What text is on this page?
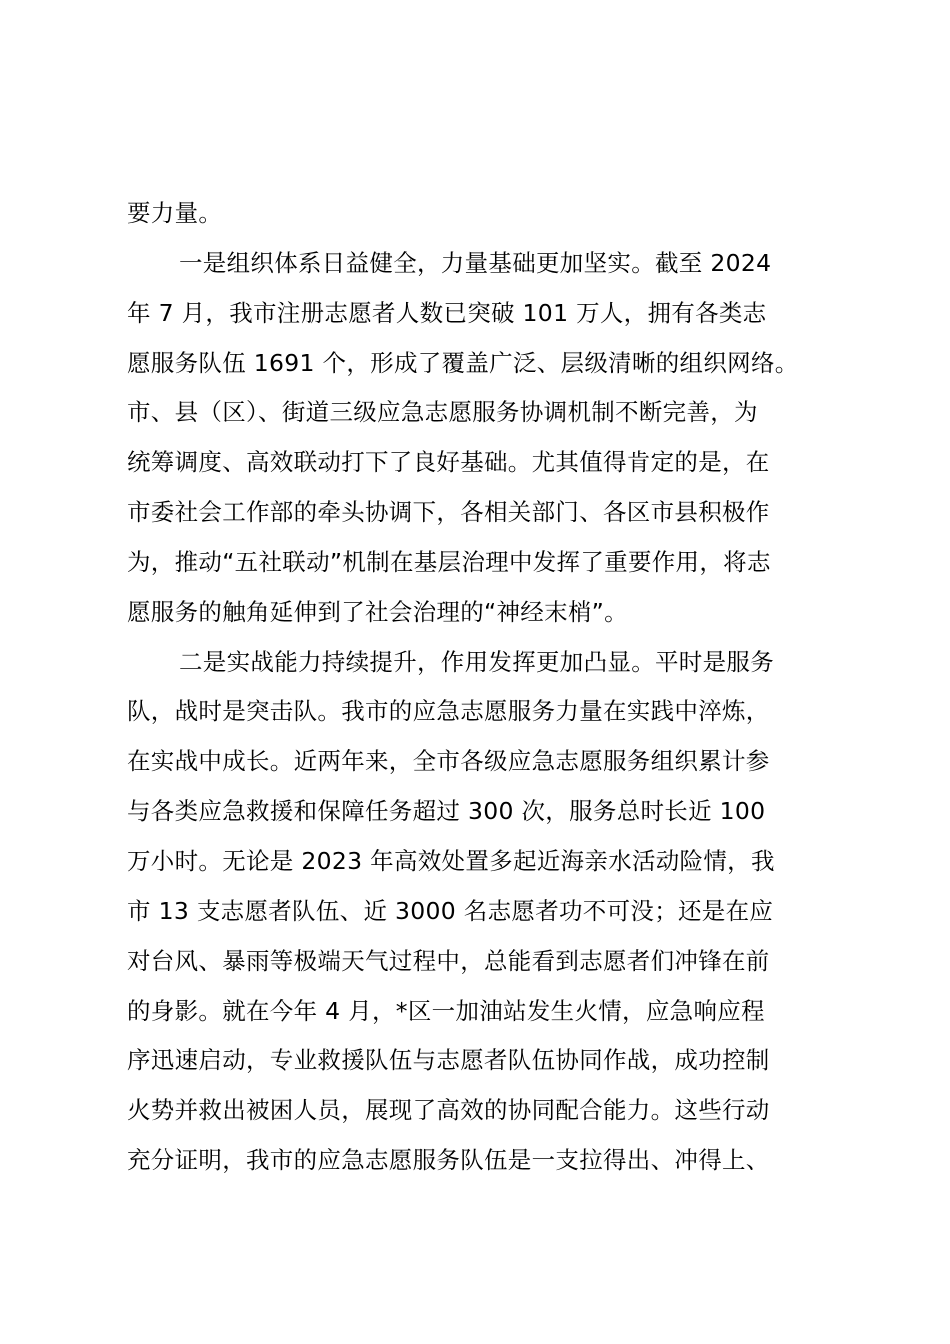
要力量。
一是组织体系日益健全，力量基础更加坚实。截至 2024
年 7 月，我市注册志愿者人数已突破 101 万人，拥有各类志
愿服务队伍 1691 个，形成了覆盖广泛、层级清晰的组织网络。
市、县（区）、街道三级应急志愿服务协调机制不断完善，为
统筹调度、高效联动打下了良好基础。尤其值得肯定的是，在
市委社会工作部的牵头协调下，各相关部门、各区市县积极作
为，推动“五社联动”机制在基层治理中发挥了重要作用，将志
愿服务的触角延伸到了社会治理的“神经末梢”。
二是实战能力持续提升，作用发挥更加凸显。平时是服务
队，战时是突击队。我市的应急志愿服务力量在实践中淬炼，
在实战中成长。近两年来，全市各级应急志愿服务组织累计参
与各类应急救援和保障任务超过 300 次，服务总时长近 100
万小时。无论是 2023 年高效处置多起近海亲水活动险情，我
市 13 支志愿者队伍、近 3000 名志愿者功不可没；还是在应
对台风、暴雨等极端天气过程中，总能看到志愿者们冲锋在前
的身影。就在今年 4 月，*区一加油站发生火情，应急响应程
序迅速启动，专业救援队伍与志愿者队伍协同作战，成功控制
火势并救出被困人员，展现了高效的协同配合能力。这些行动
充分证明，我市的应急志愿服务队伍是一支拉得出、冲得上、
